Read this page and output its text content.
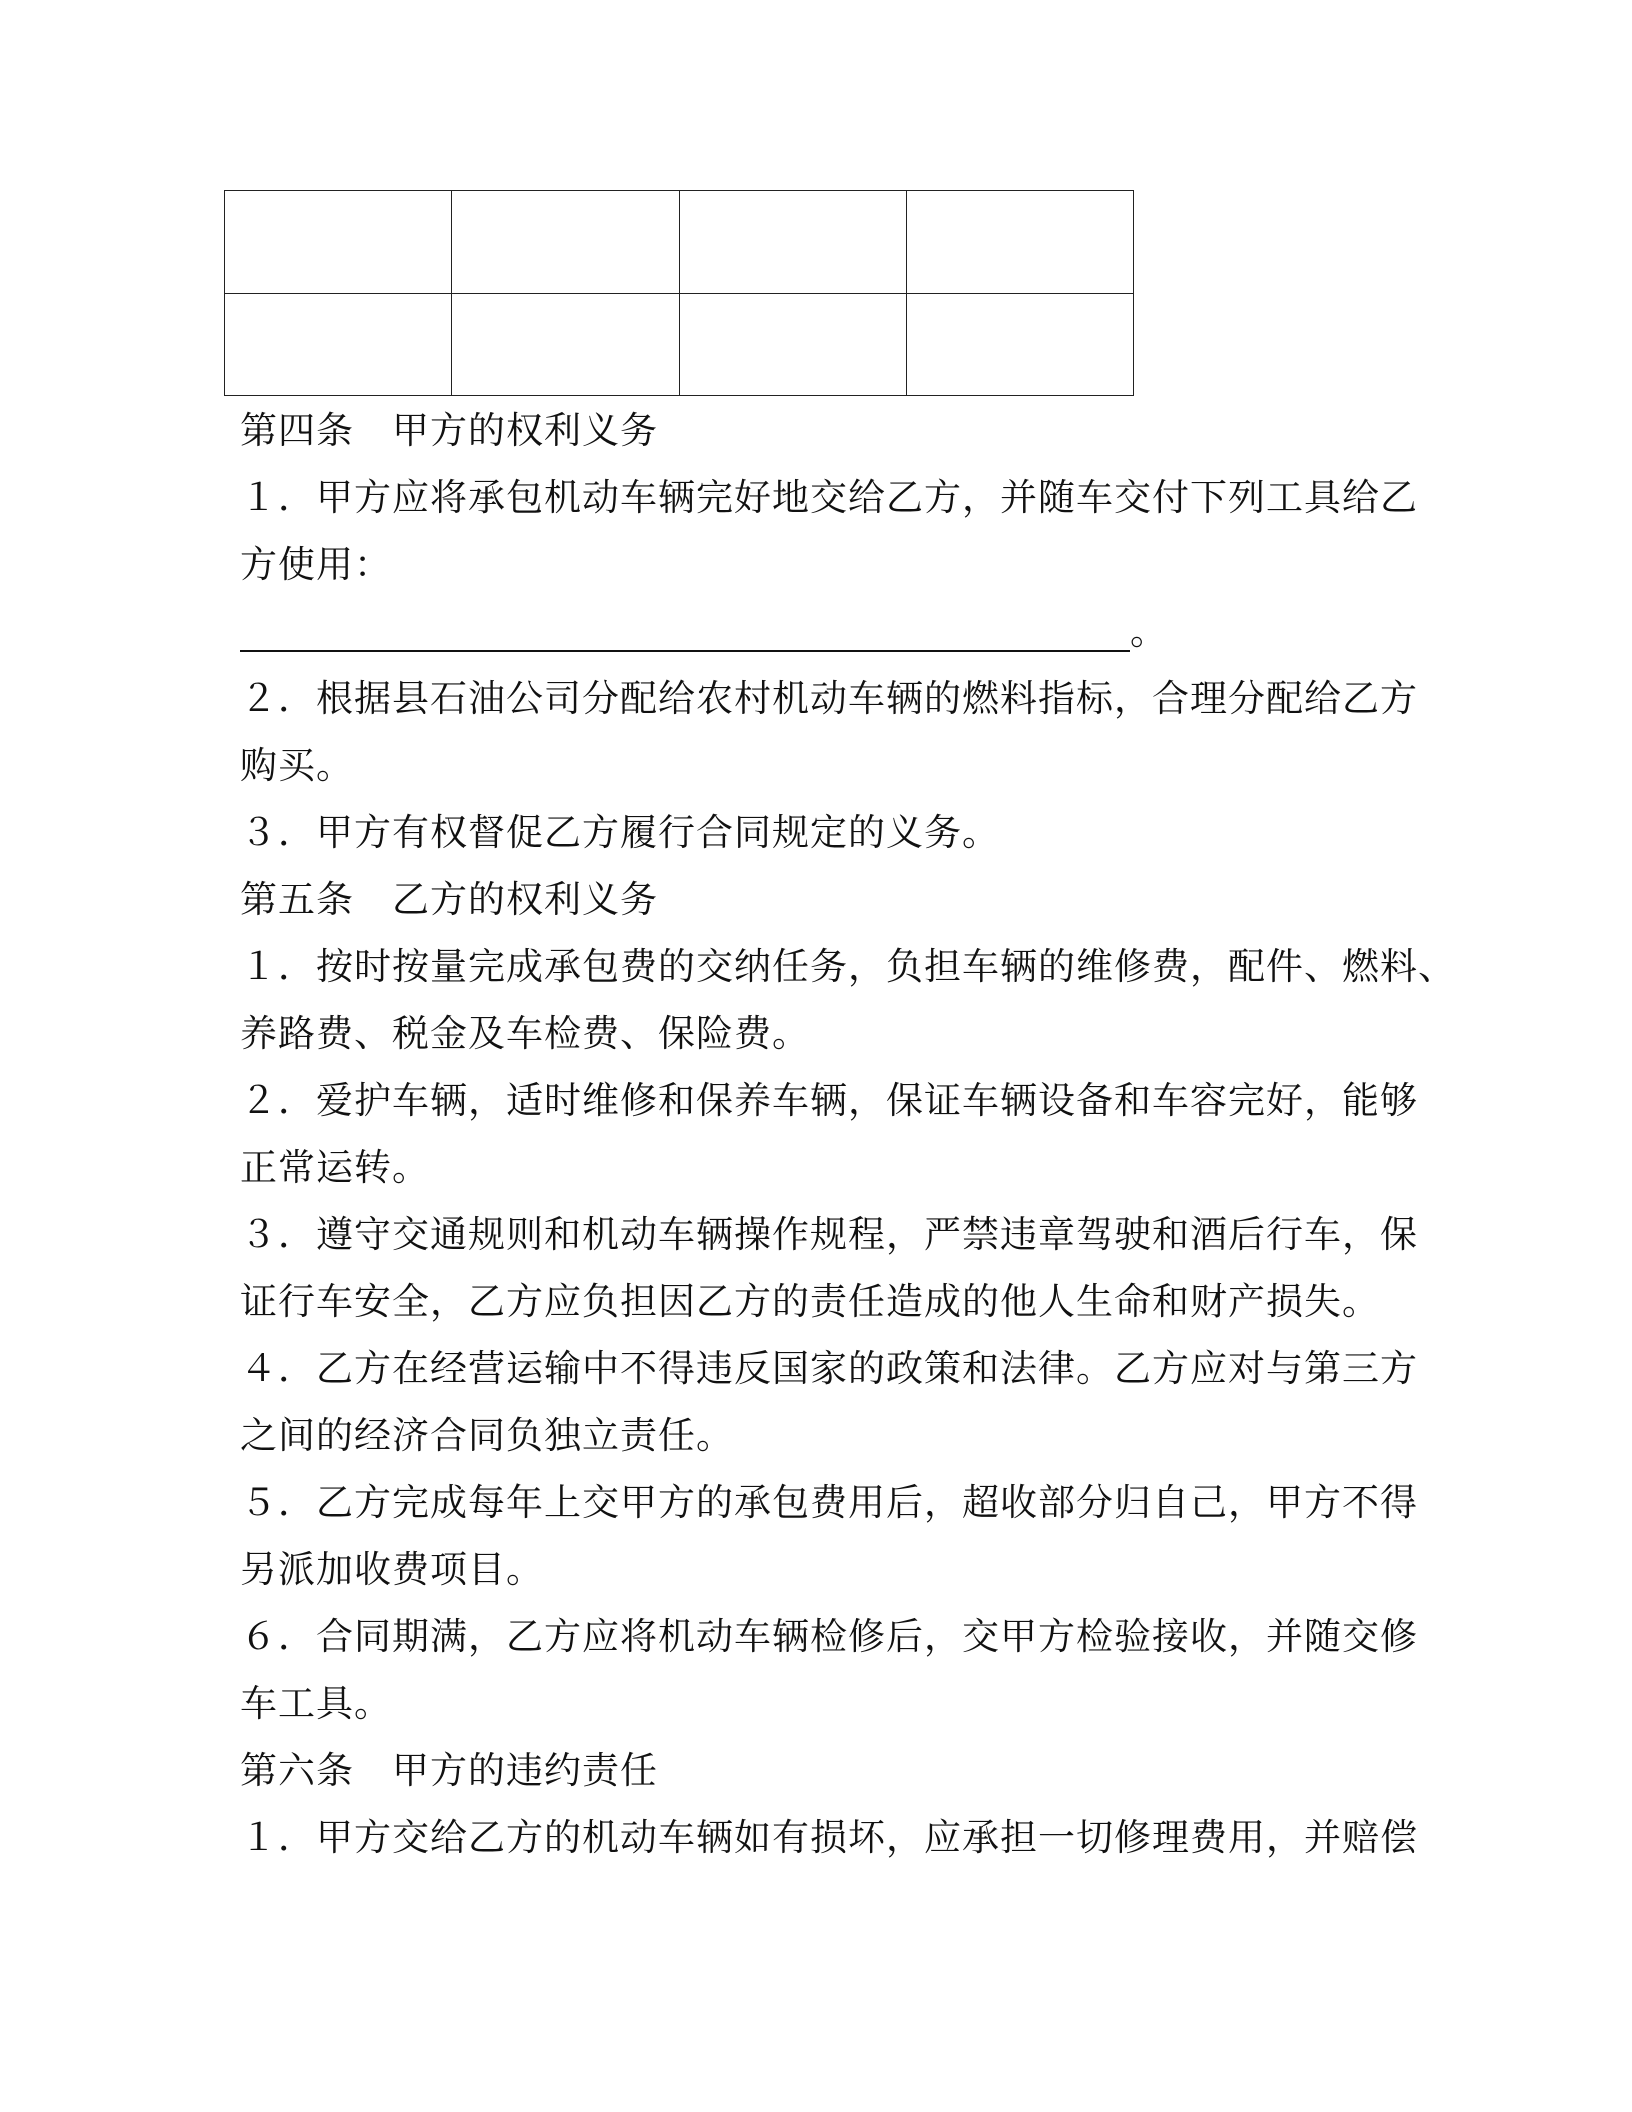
第四条　甲方的权利义务
１．甲方应将承包机动车辆完好地交给乙方，并随车交付下列工具给乙
方使用：
。
２．根据县石油公司分配给农村机动车辆的燃料指标，合理分配给乙方
购买。
３．甲方有权督促乙方履行合同规定的义务。
第五条　乙方的权利义务
１．按时按量完成承包费的交纳任务，负担车辆的维修费，配件、燃料、
养路费、税金及车检费、保险费。
２．爱护车辆，适时维修和保养车辆，保证车辆设备和车容完好，能够
正常运转。
３．遵守交通规则和机动车辆操作规程，严禁违章驾驶和酒后行车，保
证行车安全，乙方应负担因乙方的责任造成的他人生命和财产损失。
４．乙方在经营运输中不得违反国家的政策和法律。乙方应对与第三方
之间的经济合同负独立责任。
５．乙方完成每年上交甲方的承包费用后，超收部分归自己，甲方不得
另派加收费项目。
６．合同期满，乙方应将机动车辆检修后，交甲方检验接收，并随交修
车工具。
第六条　甲方的违约责任
１．甲方交给乙方的机动车辆如有损坏，应承担一切修理费用，并赔偿
